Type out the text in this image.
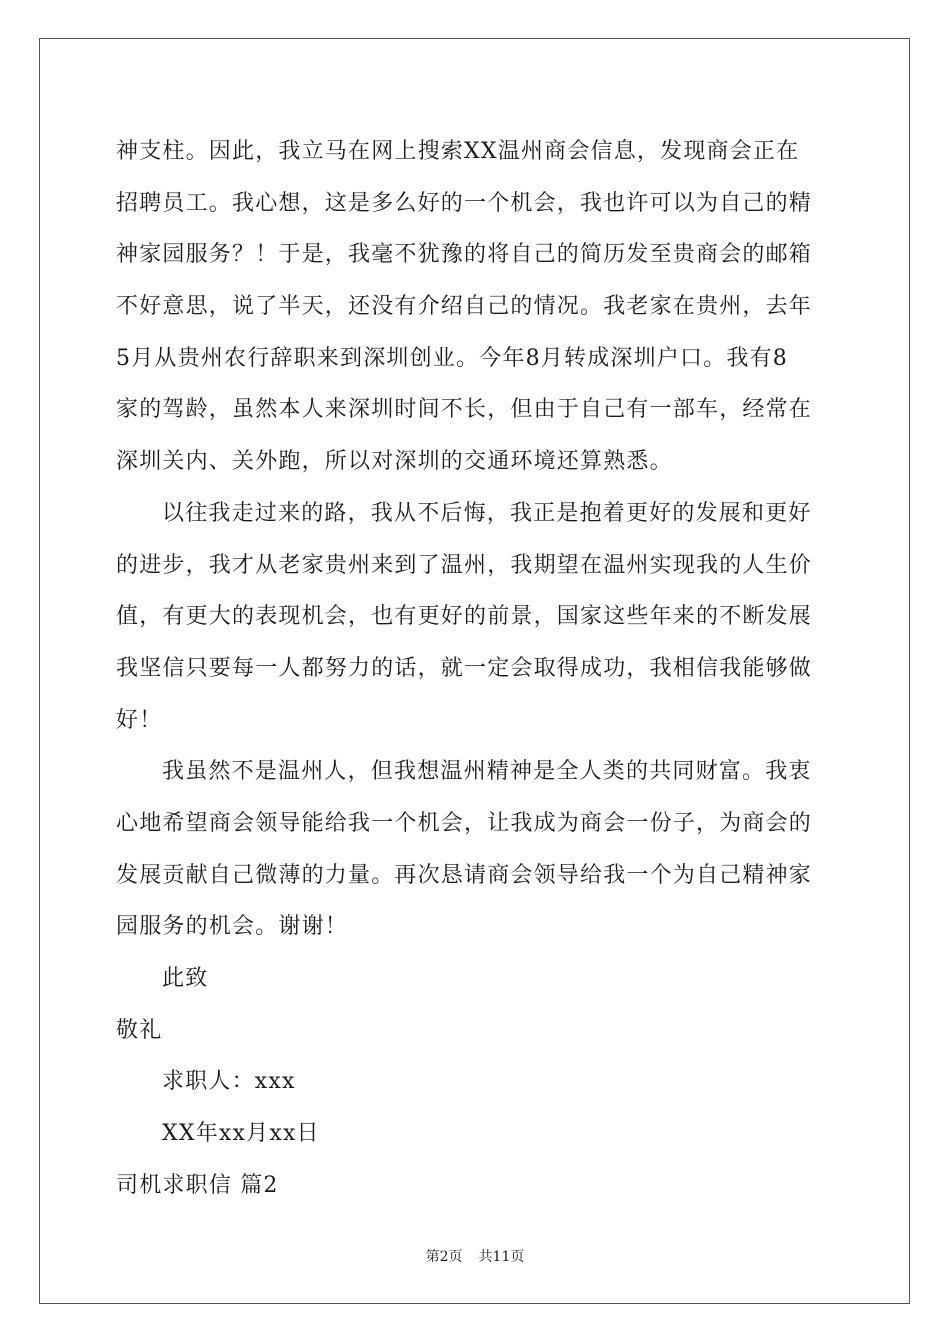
神支柱。因此，我立马在网上搜索XX温州商会信息，发现商会正在
招聘员工。我心想，这是多么好的一个机会，我也许可以为自己的精
神家园服务？！于是，我毫不犹豫的将自己的简历发至贵商会的邮箱
不好意思，说了半天，还没有介绍自己的情况。我老家在贵州，去年
5月从贵州农行辞职来到深圳创业。今年8月转成深圳户口。我有8
家的驾龄，虽然本人来深圳时间不长，但由于自己有一部车，经常在
深圳关内、关外跑，所以对深圳的交通环境还算熟悉。
以往我走过来的路，我从不后悔，我正是抱着更好的发展和更好
的进步，我才从老家贵州来到了温州，我期望在温州实现我的人生价
值，有更大的表现机会，也有更好的前景，国家这些年来的不断发展
我坚信只要每一人都努力的话，就一定会取得成功，我相信我能够做
好！
我虽然不是温州人，但我想温州精神是全人类的共同财富。我衷
心地希望商会领导能给我一个机会，让我成为商会一份子，为商会的
发展贡献自己微薄的力量。再次恳请商会领导给我一个为自己精神家
园服务的机会。谢谢！
此致
敬礼
求职人：xxx
XX年xx月xx日
司机求职信 篇2
第2页 共11页
